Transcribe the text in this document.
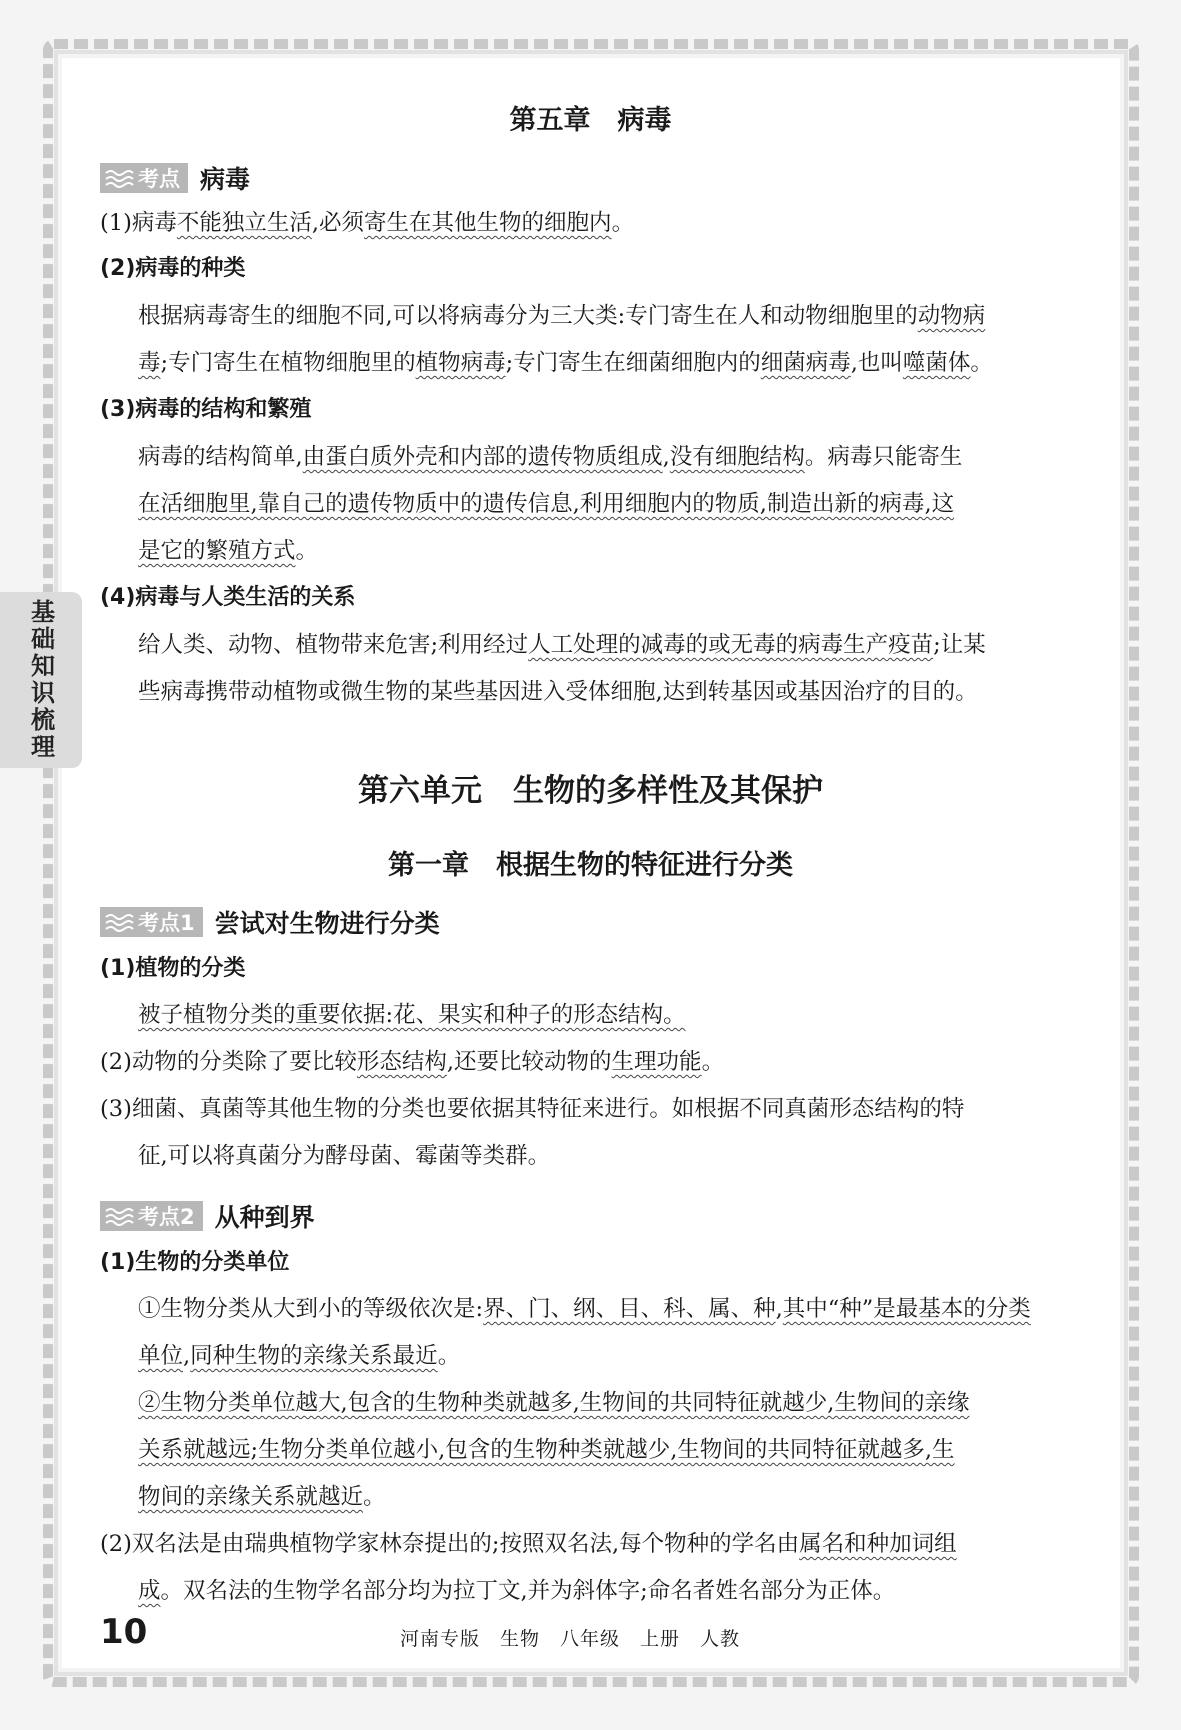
基础知识梳理
第五章　病毒
考点 病毒
(1)病毒不能独立生活,必须寄生在其他生物的细胞内。
(2)病毒的种类
根据病毒寄生的细胞不同,可以将病毒分为三大类:专门寄生在人和动物细胞里的动物病
毒;专门寄生在植物细胞里的植物病毒;专门寄生在细菌细胞内的细菌病毒,也叫噬菌体。
(3)病毒的结构和繁殖
病毒的结构简单,由蛋白质外壳和内部的遗传物质组成,没有细胞结构。病毒只能寄生
在活细胞里,靠自己的遗传物质中的遗传信息,利用细胞内的物质,制造出新的病毒,这
是它的繁殖方式。
(4)病毒与人类生活的关系
给人类、动物、植物带来危害;利用经过人工处理的减毒的或无毒的病毒生产疫苗;让某
些病毒携带动植物或微生物的某些基因进入受体细胞,达到转基因或基因治疗的目的。
第六单元　生物的多样性及其保护
第一章　根据生物的特征进行分类
考点1 尝试对生物进行分类
(1)植物的分类
被子植物分类的重要依据:花、果实和种子的形态结构。
(2)动物的分类除了要比较形态结构,还要比较动物的生理功能。
(3)细菌、真菌等其他生物的分类也要依据其特征来进行。如根据不同真菌形态结构的特
征,可以将真菌分为酵母菌、霉菌等类群。
考点2 从种到界
(1)生物的分类单位
①生物分类从大到小的等级依次是:界、门、纲、目、科、属、种,其中“种”是最基本的分类
单位,同种生物的亲缘关系最近。
②生物分类单位越大,包含的生物种类就越多,生物间的共同特征就越少,生物间的亲缘
关系就越远;生物分类单位越小,包含的生物种类就越少,生物间的共同特征就越多,生
物间的亲缘关系就越近。
(2)双名法是由瑞典植物学家林奈提出的;按照双名法,每个物种的学名由属名和种加词组
成。双名法的生物学名部分均为拉丁文,并为斜体字;命名者姓名部分为正体。
10	河南专版　生物　八年级　上册　人教
